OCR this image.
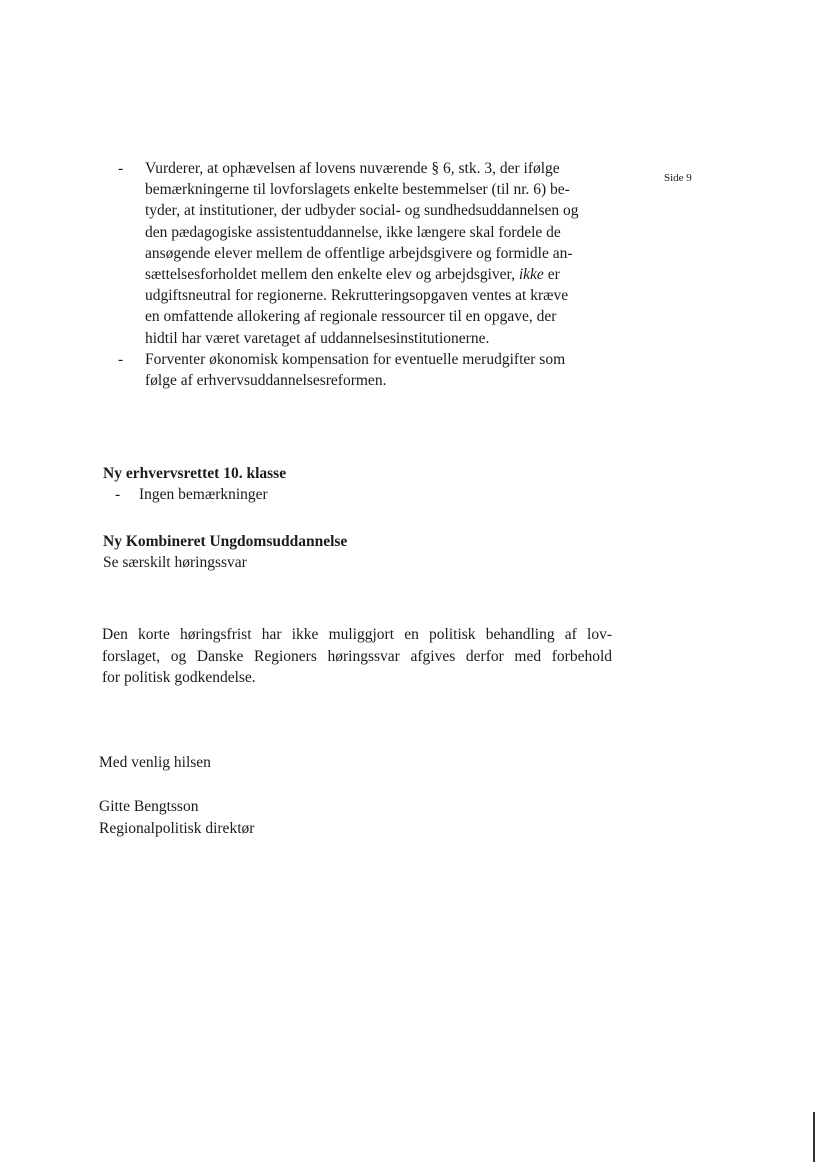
Side 9
-	Vurderer, at ophævelsen af lovens nuværende § 6, stk. 3, der ifølge
bemærkningerne til lovforslagets enkelte bestemmelser (til nr. 6) be-
tyder, at institutioner, der udbyder social- og sundhedsuddannelsen og
den pædagogiske assistentuddannelse, ikke længere skal fordele de
ansøgende elever mellem de offentlige arbejdsgivere og formidle an-
sættelsesforholdet mellem den enkelte elev og arbejdsgiver, ikke er
udgiftsneutral for regionerne. Rekrutteringsopgaven ventes at kræve
en omfattende allokering af regionale ressourcer til en opgave, der
hidtil har været varetaget af uddannelsesinstitutionerne.
-	Forventer økonomisk kompensation for eventuelle merudgifter som
følge af erhvervsuddannelsesreformen.
Ny erhvervsrettet 10. klasse
-	Ingen bemærkninger
Ny Kombineret Ungdomsuddannelse
Se særskilt høringssvar

Den korte høringsfrist har ikke muliggjort en politisk behandling af lov-
forslaget, og Danske Regioners høringssvar afgives derfor med forbehold
for politisk godkendelse.

Med venlig hilsen
Gitte Bengtsson
Regionalpolitisk direktør
